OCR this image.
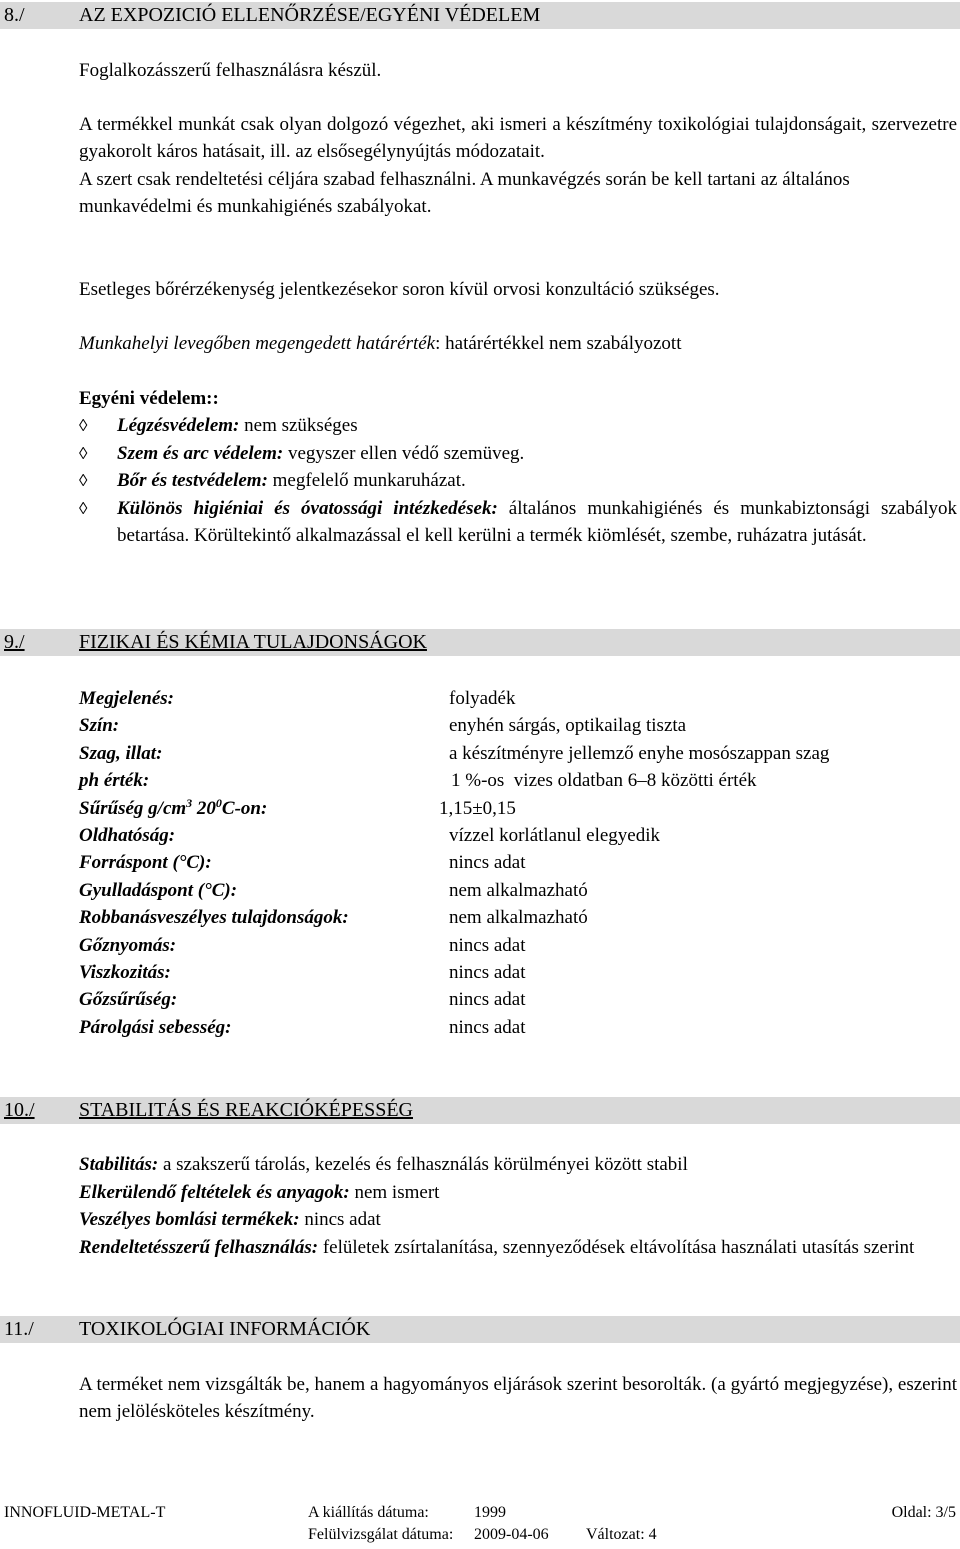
8./	AZ EXPOZICIÓ ELLENŐRZÉSE/EGYÉNI VÉDELEM

Foglalkozásszerű felhasználásra készül.

A termékkel munkát csak olyan dolgozó végezhet, aki ismeri a készítmény toxikológiai tulajdonságait, szervezetre gyakorolt káros hatásait, ill. az elsősegélynyújtás módozatait.

A szert csak rendeltetési céljára szabad felhasználni. A munkavégzés során be kell tartani az általános munkavédelmi és munkahigiénés szabályokat.

Esetleges bőrérzékenység jelentkezésekor soron kívül orvosi konzultáció szükséges.

Munkahelyi levegőben megengedett határérték: határértékkel nem szabályozott

Egyéni védelem::

◊	Légzésvédelem: nem szükséges

◊	Szem és arc védelem: vegyszer ellen védő szemüveg.

◊	Bőr és testvédelem: megfelelő munkaruházat.

◊	Különös higiéniai és óvatossági intézkedések: általános munkahigiénés és munkabiztonsági szabályok betartása. Körültekintő alkalmazással el kell kerülni a termék kiömlését, szembe, ruházatra jutását.

9./	FIZIKAI ÉS KÉMIA TULAJDONSÁGOK
Megjelenés:	folyadék
Szín:	enyhén sárgás, optikailag tiszta
Szag, illat:	a készítményre jellemző enyhe mosószappan szag
ph érték:	1 %-os  vizes oldatban 6–8 közötti érték
Sűrűség $g/cm^3$ $20^0C-on$:	1,15±0,15
Oldhatóság:	vízzel korlátlanul elegyedik
Forráspont (°C):	nincs adat
Gyulladáspont (°C):	nem alkalmazható
Robbanásveszélyes tulajdonságok:	nem alkalmazható
Gőznyomás:	nincs adat
Viszkozitás:	nincs adat
Gőzsűrűség:	nincs adat
Párolgási sebesség:	nincs adat
10./ STABILITÁS ÉS REAKCIÓKÉPESSÉG

Stabilitás: a szakszerű tárolás, kezelés és felhasználás körülményei között stabil

Elkerülendő feltételek és anyagok: nem ismert

Veszélyes bomlási termékek: nincs adat

Rendeltetésszerű felhasználás: felületek zsírtalanítása, szennyeződések eltávolítása használati utasítás szerint

11./ TOXIKOLÓGIAI INFORMÁCIÓK

A terméket nem vizsgálták be, hanem a hagyományos eljárások szerint besorolták. (a gyártó megjegyzése), eszerint nem jelölésköteles készítmény.

INNOFLUID-METAL-T	A kiállítás dátuma:	1999	Oldal: 3/5
Felülvizsgálat dátuma: 2009-04-06 Változat: 4
